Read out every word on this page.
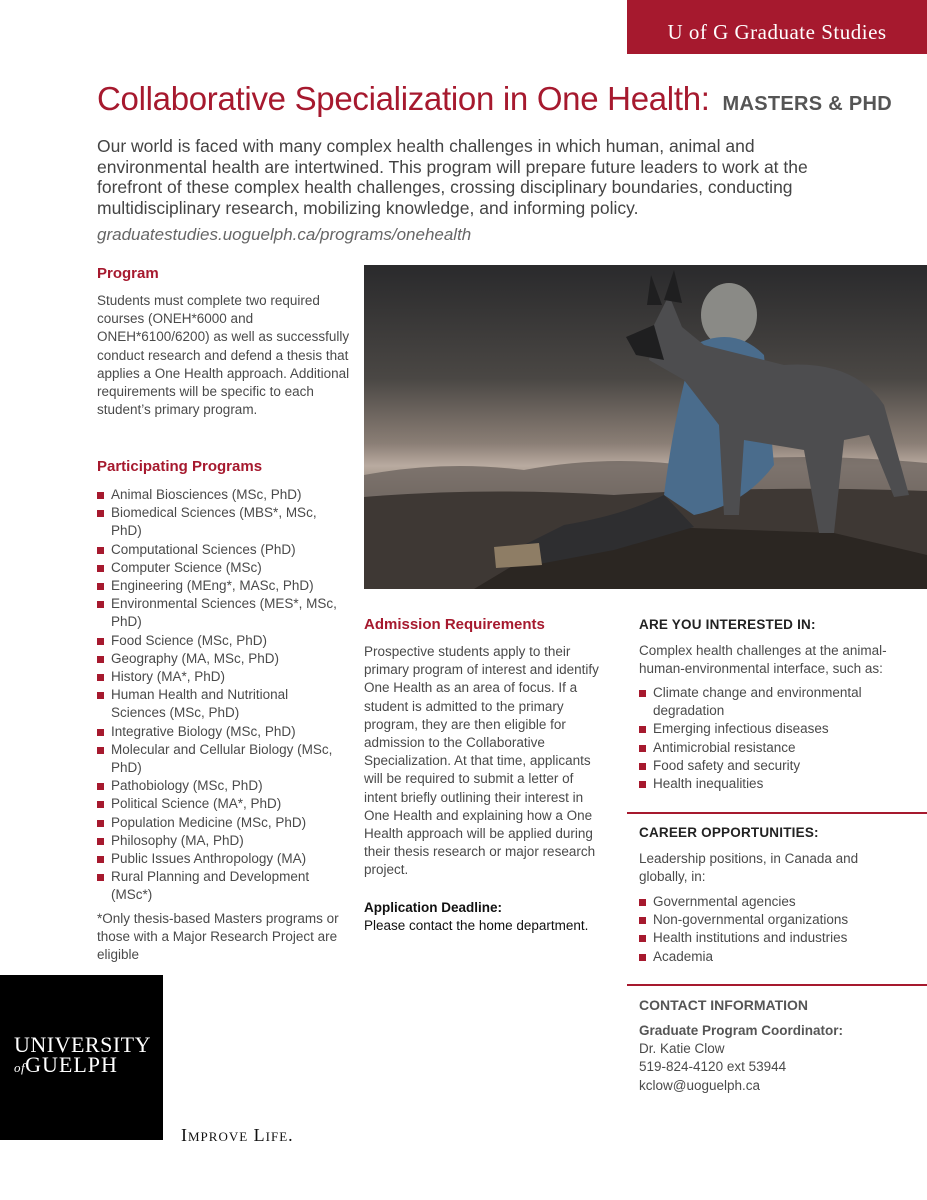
U of G Graduate Studies
Collaborative Specialization in One Health: MASTERS & PHD
Our world is faced with many complex health challenges in which human, animal and environmental health are intertwined. This program will prepare future leaders to work at the forefront of these complex health challenges, crossing disciplinary boundaries, conducting multidisciplinary research, mobilizing knowledge, and informing policy.
graduatestudies.uoguelph.ca/programs/onehealth
Program
Students must complete two required courses (ONEH*6000 and ONEH*6100/6200) as well as successfully conduct research and defend a thesis that applies a One Health approach. Additional requirements will be specific to each student’s primary program.
Participating Programs
Animal Biosciences (MSc, PhD)
Biomedical Sciences (MBS*, MSc, PhD)
Computational Sciences (PhD)
Computer Science (MSc)
Engineering (MEng*, MASc, PhD)
Environmental Sciences (MES*, MSc, PhD)
Food Science (MSc, PhD)
Geography (MA, MSc, PhD)
History (MA*, PhD)
Human Health and Nutritional Sciences (MSc, PhD)
Integrative Biology (MSc, PhD)
Molecular and Cellular Biology (MSc, PhD)
Pathobiology (MSc, PhD)
Political Science (MA*, PhD)
Population Medicine (MSc, PhD)
Philosophy (MA, PhD)
Public Issues Anthropology (MA)
Rural Planning and Development (MSc*)
*Only thesis-based Masters programs or those with a Major Research Project are eligible
Admission Requirements
Prospective students apply to their primary program of interest and identify One Health as an area of focus. If a student is admitted to the primary program, they are then eligible for admission to the Collaborative Specialization. At that time, applicants will be required to submit a letter of intent briefly outlining their interest in One Health and explaining how a One Health approach will be applied during their thesis research or major research project.
Application Deadline:
Please contact the home department.
ARE YOU INTERESTED IN:
Complex health challenges at the animal-human-environmental interface, such as:
Climate change and environmental degradation
Emerging infectious diseases
Antimicrobial resistance
Food safety and security
Health inequalities
CAREER OPPORTUNITIES:
Leadership positions, in Canada and globally, in:
Governmental agencies
Non-governmental organizations
Health institutions and industries
Academia
CONTACT INFORMATION
Graduate Program Coordinator:
Dr. Katie Clow
519-824-4120 ext 53944
kclow@uoguelph.ca
UNIVERSITY
ofGUELPH
Improve Life.
